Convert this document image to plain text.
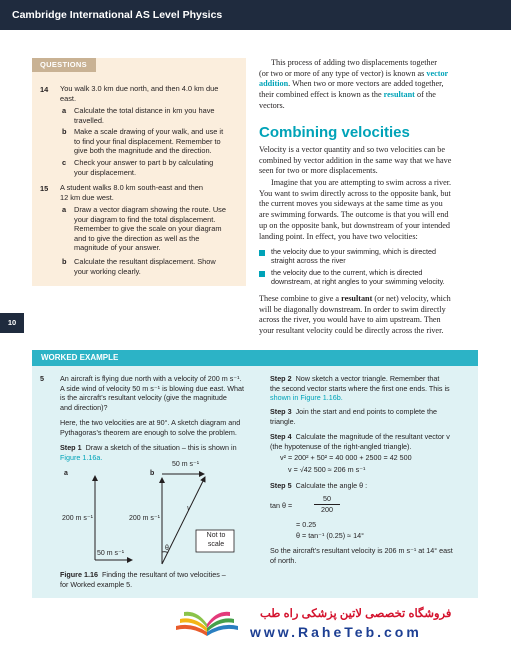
Cambridge International AS Level Physics
QUESTIONS
14 You walk 3.0 km due north, and then 4.0 km due
east.
a Calculate the total distance in km you have
travelled.
b Make a scale drawing of your walk, and use it
to find your final displacement. Remember to
give both the magnitude and the direction.
c Check your answer to part b by calculating
your displacement.
15 A student walks 8.0 km south-east and then
12 km due west.
a Draw a vector diagram showing the route. Use
your diagram to find the total displacement.
Remember to give the scale on your diagram
and to give the direction as well as the
magnitude of your answer.
b Calculate the resultant displacement. Show
your working clearly.
This process of adding two displacements together
(or two or more of any type of vector) is known as vector
addition. When two or more vectors are added together,
their combined effect is known as the resultant of the
vectors.
Combining velocities
Velocity is a vector quantity and so two velocities can be
combined by vector addition in the same way that we have
seen for two or more displacements.
Imagine that you are attempting to swim across a river.
You want to swim directly across to the opposite bank, but
the current moves you sideways at the same time as you
are swimming forwards. The outcome is that you will end
up on the opposite bank, but downstream of your intended
landing point. In effect, you have two velocities:
the velocity due to your swimming, which is directed
straight across the river
the velocity due to the current, which is directed
downstream, at right angles to your swimming velocity.
These combine to give a resultant (or net) velocity, which
will be diagonally downstream. In order to swim directly
across the river, you would have to aim upstream. Then
your resultant velocity could be directly across the river.
10
WORKED EXAMPLE
5 An aircraft is flying due north with a velocity of 200 m s⁻¹.
A side wind of velocity 50 m s⁻¹ is blowing due east. What
is the aircraft’s resultant velocity (give the magnitude
and direction)?
Here, the two velocities are at 90°. A sketch diagram and
Pythagoras’s theorem are enough to solve the problem.
Step 1 Draw a sketch of the situation – this is shown in
Figure 1.16a.
a	b
200 m s⁻¹
50 m s⁻¹
200 m s⁻¹
50 m s⁻¹
v
θ
Not to
scale
Figure 1.16 Finding the resultant of two velocities –
for Worked example 5.
Step 2 Now sketch a vector triangle. Remember that
the second vector starts where the first one ends. This is
shown in Figure 1.16b.
Step 3 Join the start and end points to complete the
triangle.
Step 4 Calculate the magnitude of the resultant vector v
(the hypotenuse of the right-angled triangle).
v² = 200² + 50² = 40 000 + 2500 = 42 500
v = √42 500 ≈ 206 m s⁻¹
Step 5 Calculate the angle θ :
tan θ =
50
200
= 0.25
θ = tan⁻¹ (0.25) ≈ 14°
So the aircraft’s resultant velocity is 206 m s⁻¹ at 14° east
of north.
فروشگاه تخصصی لاتین پزشکی راه طب
www.RaheTeb.com
